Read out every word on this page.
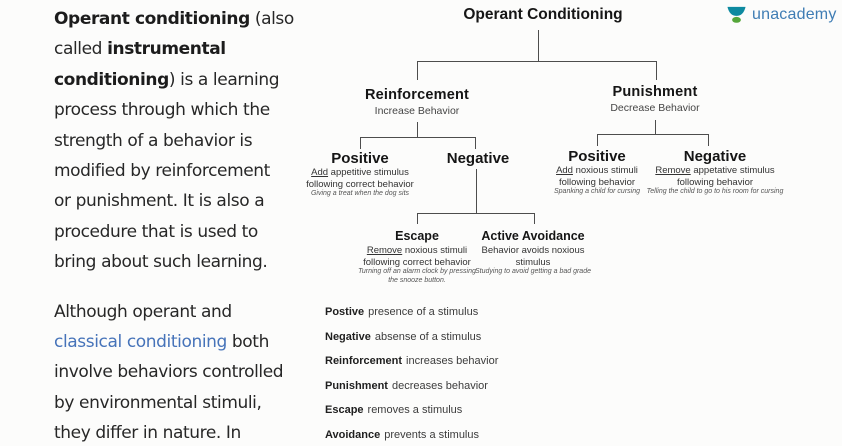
Operant conditioning (also
called instrumental
conditioning) is a learning
process through which the
strength of a behavior is
modified by reinforcement
or punishment. It is also a
procedure that is used to
bring about such learning.
Although operant and
classical conditioning both
involve behaviors controlled
by environmental stimuli,
they differ in nature. In
unacademy
Operant Conditioning
Reinforcement
Increase Behavior
Punishment
Decrease Behavior
Positive
Add appetitive stimulus
following correct behavior
Giving a treat when the dog sits
Negative	Positive
Add noxious stimuli
following behavior
Spanking a child for cursing
Negative
Remove appetative stimulus
following behavior
Telling the child to go to his room for cursing
Escape
Remove noxious stimuli
following correct behavior
Turning off an alarm clock by pressing
the snooze button.
Active Avoidance
Behavior avoids noxious
stimulus
Studying to avoid getting a bad grade
Postive presence of a stimulus
Negative absense of a stimulus
Reinforcement increases behavior
Punishment decreases behavior
Escape removes a stimulus
Avoidance prevents a stimulus
